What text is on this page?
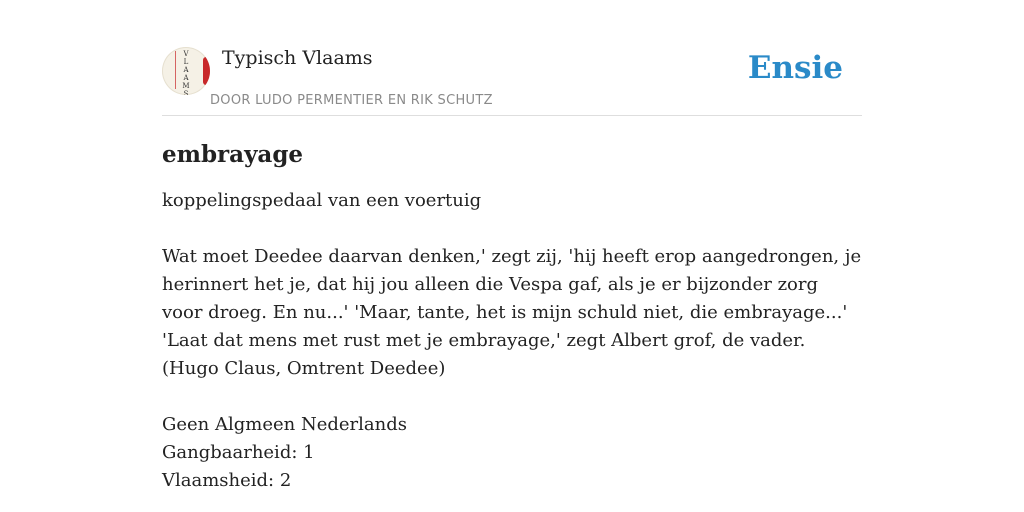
V
L
A
A
M
S
Typisch Vlaams
DOOR LUDO PERMENTIER EN RIK SCHUTZ
Ensie
embrayage

koppelingspedaal van een voertuig

Wat moet Deedee daarvan denken,' zegt zij, 'hij heeft erop aangedrongen, je herinnert het je, dat hij jou alleen die Vespa gaf, als je er bijzonder zorg voor droeg. En nu...' 'Maar, tante, het is mijn schuld niet, die embrayage...' 'Laat dat mens met rust met je embrayage,' zegt Albert grof, de vader.

(Hugo Claus, Omtrent Deedee)

Geen Algmeen Nederlands

Gangbaarheid: 1

Vlaamsheid: 2
